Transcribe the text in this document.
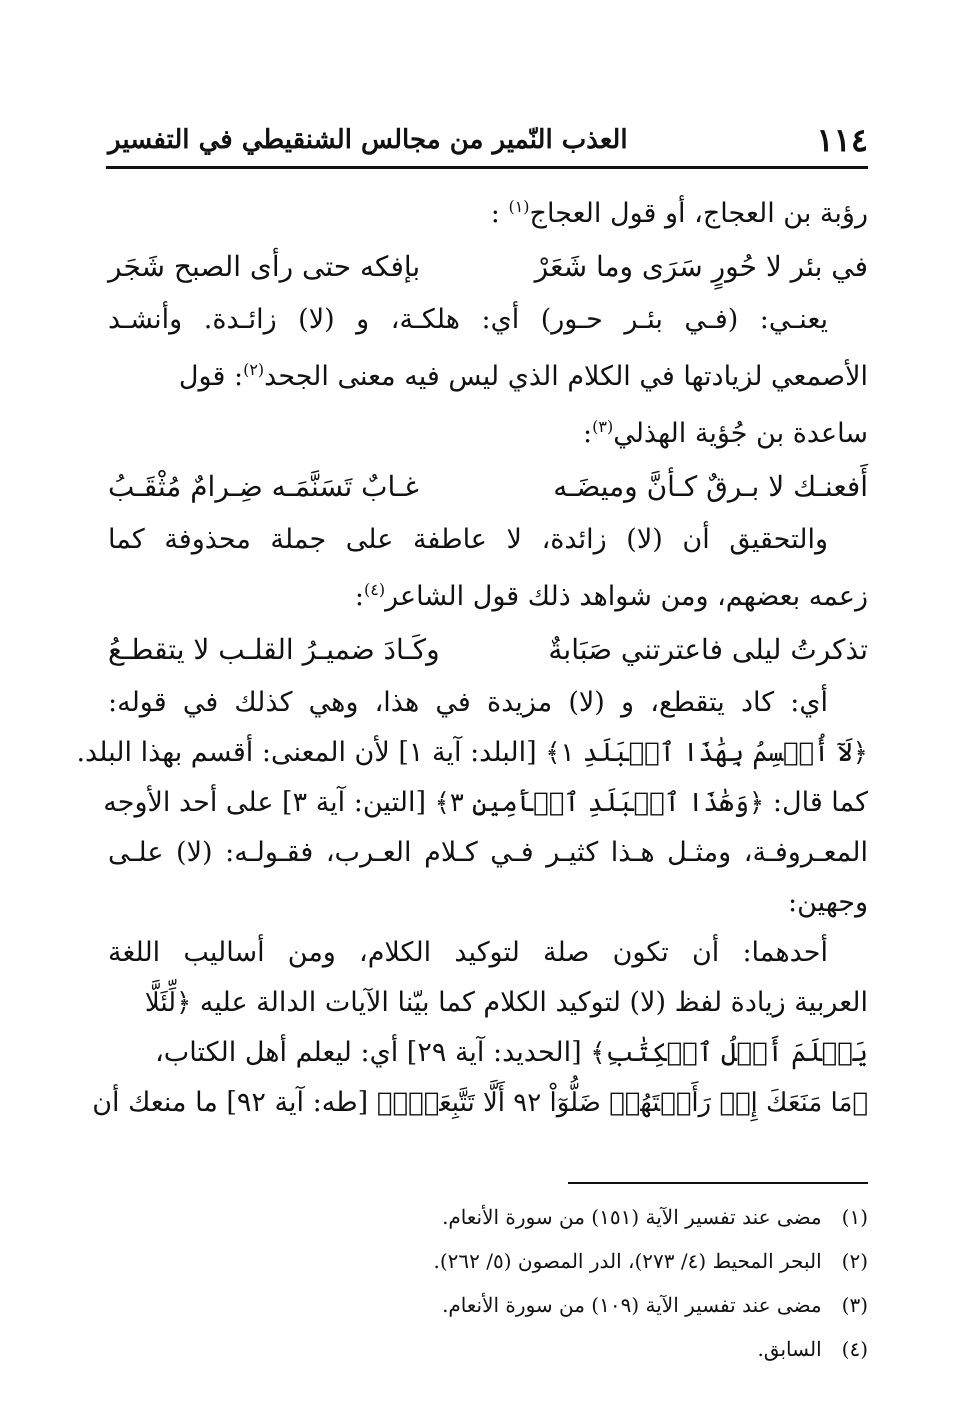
١١٤
العذب النّمير من مجالس الشنقيطي في التفسير
رؤبة بن العجاج، أو قول العجاج$^{(١)}$ :
في بئر لا حُورٍ سَرَى وما شَعَرْ
بإفكه حتى رأى الصبح شَجَر
يعنـي: (فـي بئـر حـور) أي: هلكـة، و (لا) زائـدة. وأنشـد
الأصمعي لزيادتها في الكلام الذي ليس فيه معنى الجحد$^{(٢)}$: قول
ساعدة بن جُؤية الهذلي$^{(٣)}$:
أَفعنـك لا بـرقٌ كـأنَّ وميضَـه
غـابٌ تَسَنَّمَـه ضِـرامٌ مُثْقَـبُ
والتحقيق أن (لا) زائدة، لا عاطفة على جملة محذوفة كما
زعمه بعضهم، ومن شواهد ذلك قول الشاعر$^{(٤)}$:
تذكرتُ ليلى فاعترتني صَبَابةٌ
وكَـادَ ضميـرُ القلـب لا يتقطـعُ
أي: كاد يتقطع، و (لا) مزيدة في هذا، وهي كذلك في قوله:
﴿لَآ أُقۡسِمُ بِهَٰذَا ٱلۡبَلَدِ ١﴾ [البلد: آية ١] لأن المعنى: أقسم بهذا البلد.
كما قال: ﴿وَهَٰذَا ٱلۡبَلَدِ ٱلۡأَمِينِ ٣﴾ [التين: آية ٣] على أحد الأوجه
المعـروفـة، ومثـل هـذا كثيـر فـي كـلام العـرب، فقـولـه: (لا) علـى
وجهين:
أحدهما: أن تكون صلة لتوكيد الكلام، ومن أساليب اللغة
العربية زيادة لفظ (لا) لتوكيد الكلام كما بيّنا الآيات الدالة عليه ﴿لِّئَلَّا
يَعۡلَمَ أَهۡلُ ٱلۡكِتَٰبِ﴾ [الحديد: آية ٢٩] أي: ليعلم أهل الكتاب،
﴿مَا مَنَعَكَ إِذۡ رَأَيۡتَهُمۡ ضَلُّوٓاْ ٩٢ أَلَّا تَتَّبِعَنِۖ﴾ [طه: آية ٩٢] ما منعك أن
(١) مضى عند تفسير الآية (١٥١) من سورة الأنعام.
(٢) البحر المحيط (٤/ ٢٧٣)، الدر المصون (٥/ ٢٦٢).
(٣) مضى عند تفسير الآية (١٠٩) من سورة الأنعام.
(٤) السابق.
